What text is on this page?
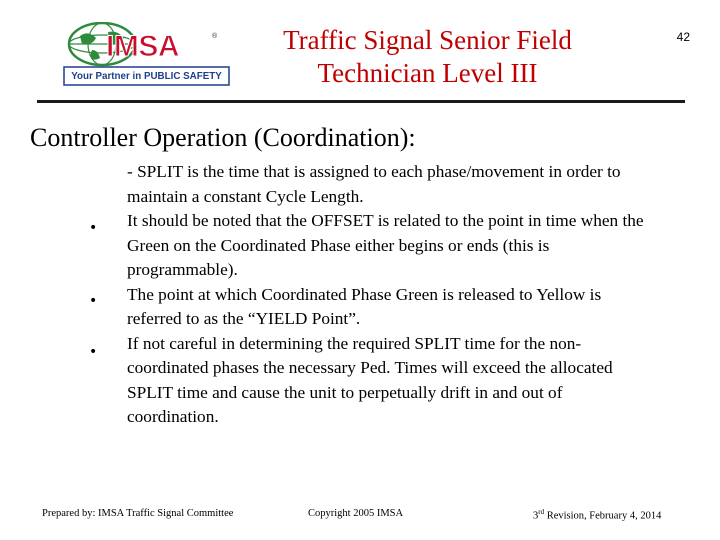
IMSA	®
Your Partner in PUBLIC SAFETY
Traffic Signal Senior Field
Technician Level III
42
Controller Operation (Coordination):

- SPLIT is the time that is assigned to each phase/movement in order to maintain a constant Cycle Length.

It should be noted that the OFFSET is related to the point in time when the Green on the Coordinated Phase either begins or ends (this is programmable).

The point at which Coordinated Phase Green is released to Yellow is referred to as the “YIELD Point”.

If not careful in determining the required SPLIT time for the non-coordinated phases the necessary Ped. Times will exceed the allocated SPLIT time and cause the unit to perpetually drift in and out of coordination.

•
•
•
Prepared by: IMSA Traffic Signal Committee	Copyright 2005 IMSA	3rd Revision, February 4, 2014
